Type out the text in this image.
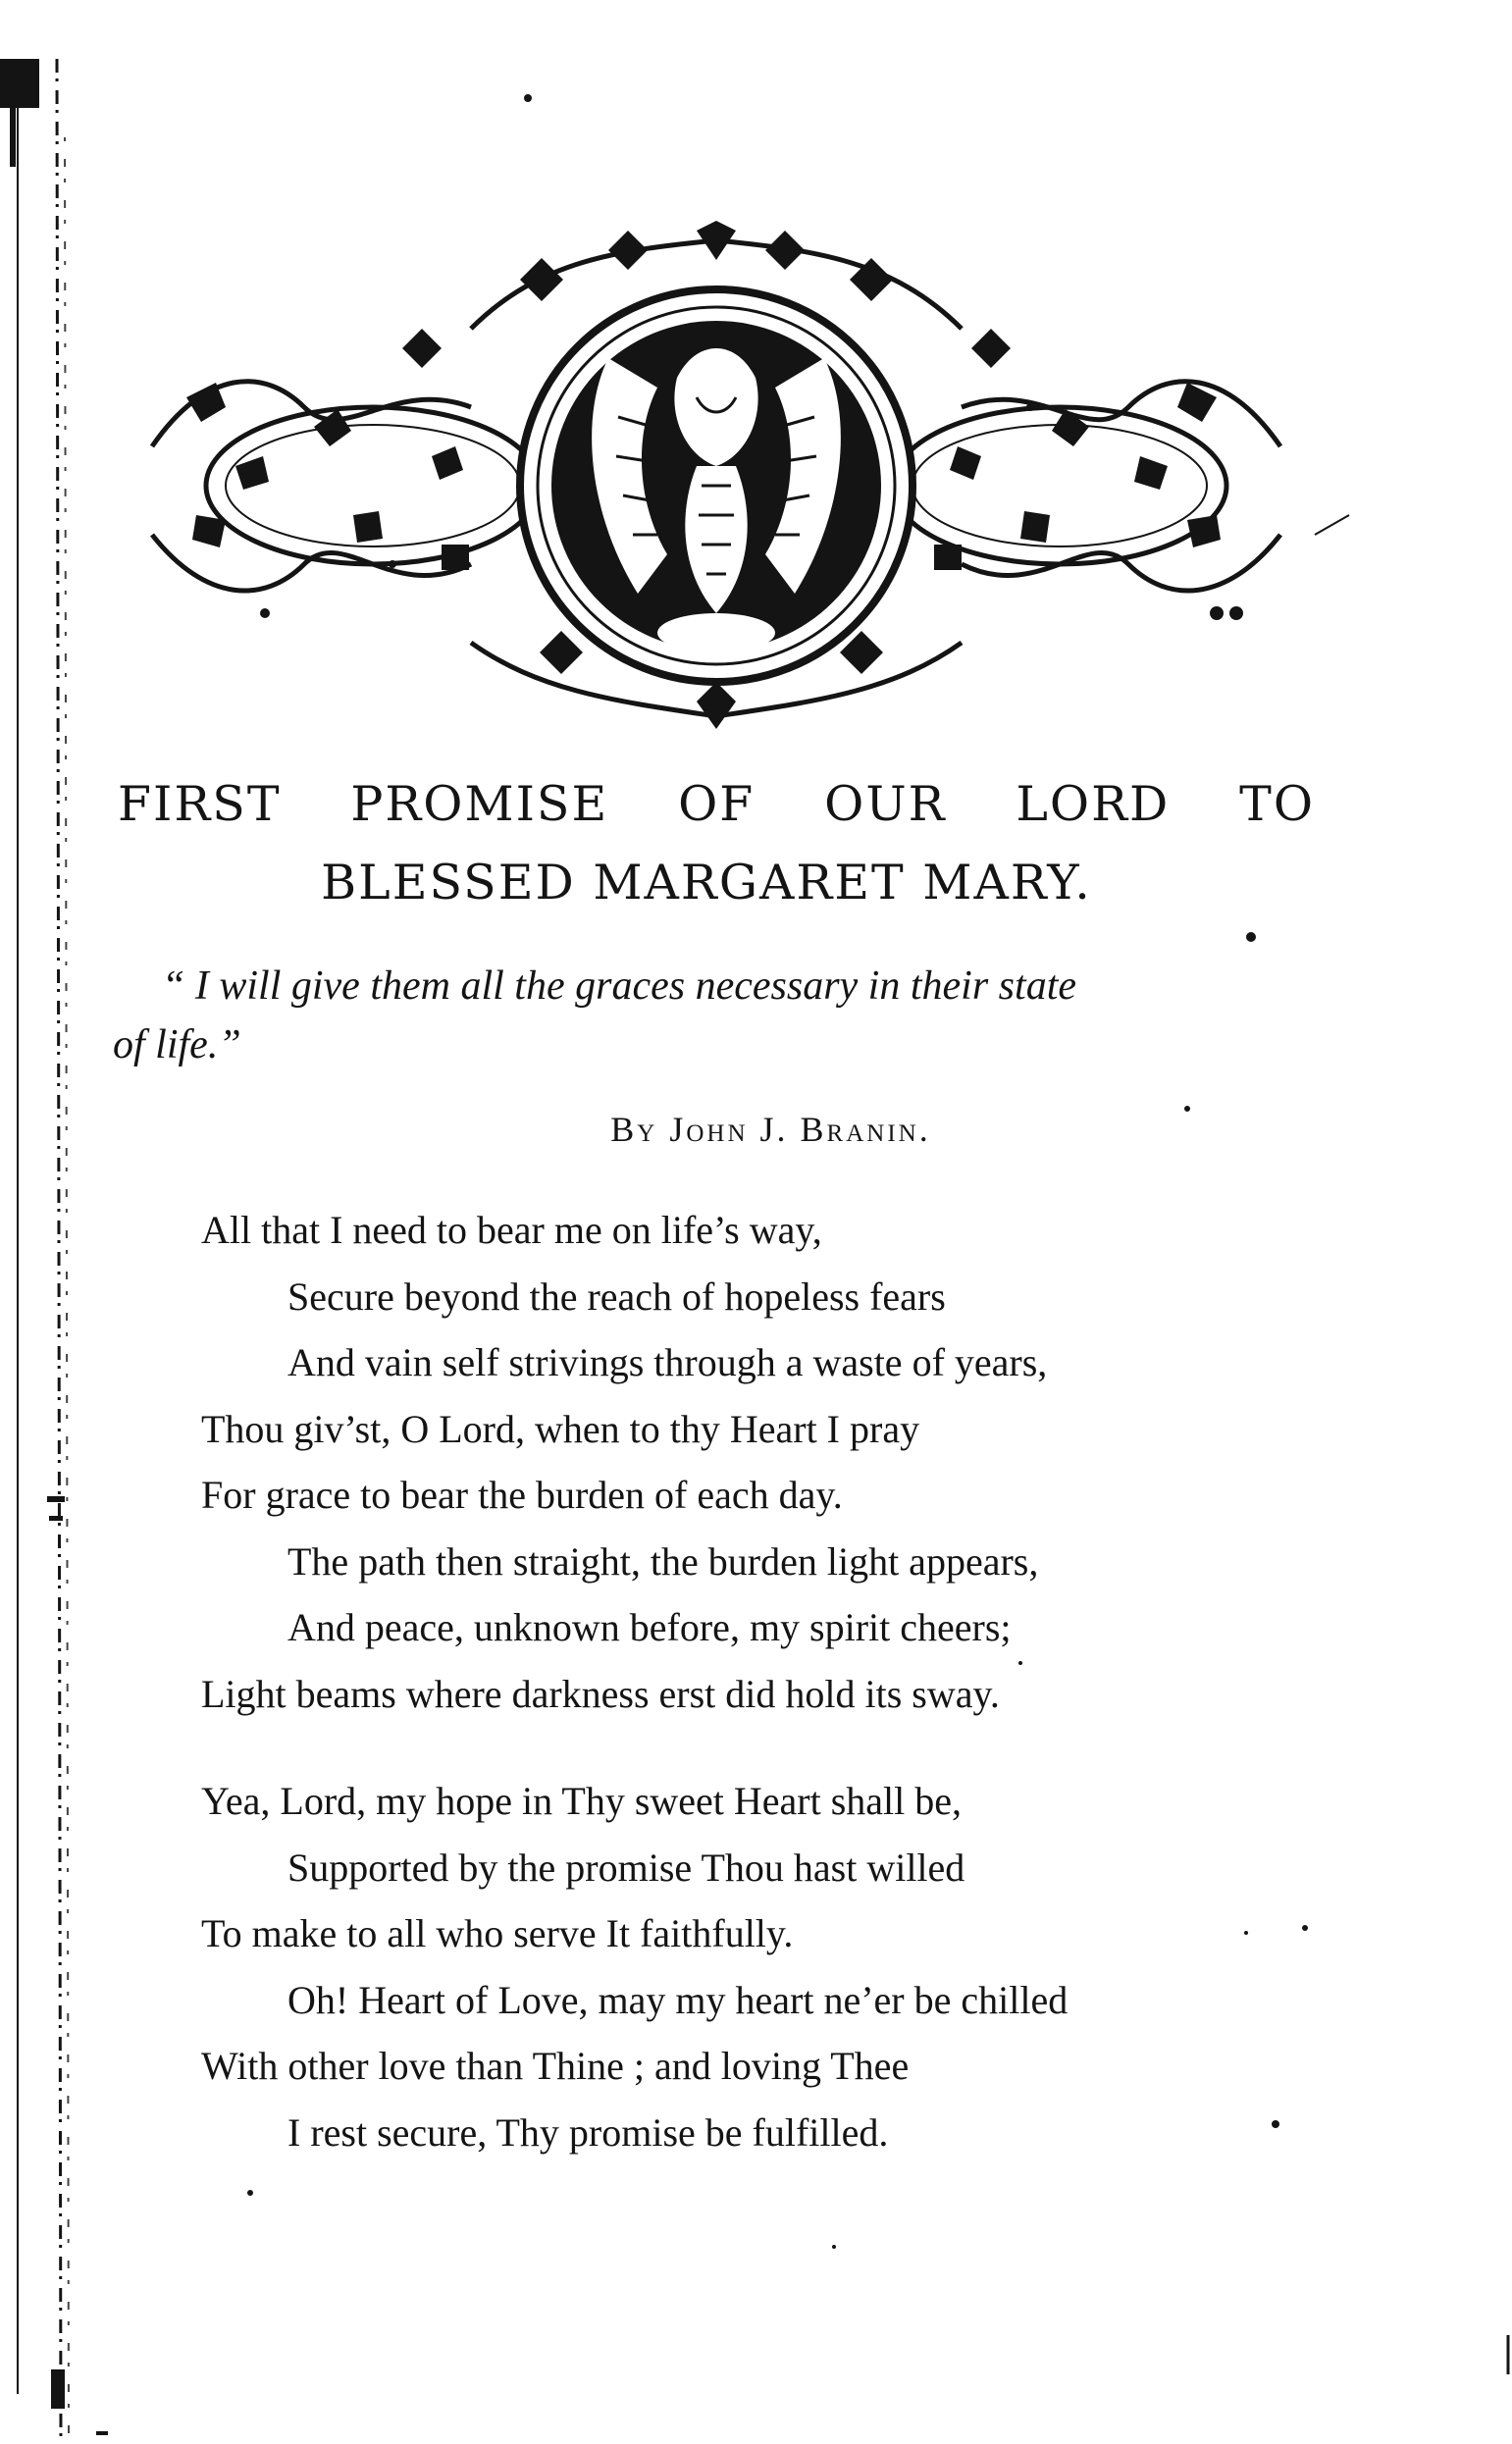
FIRST PROMISE OF OUR LORD TO
BLESSED MARGARET MARY.

“ I will give them all the graces necessary in their state
of life.”

By John J. Branin.

All that I need to bear me on life’s way,
Secure beyond the reach of hopeless fears
And vain self strivings through a waste of years,
Thou giv’st, O Lord, when to thy Heart I pray
For grace to bear the burden of each day.
The path then straight, the burden light appears,
And peace, unknown before, my spirit cheers;
Light beams where darkness erst did hold its sway.
Yea, Lord, my hope in Thy sweet Heart shall be,
Supported by the promise Thou hast willed
To make to all who serve It faithfully.
Oh! Heart of Love, may my heart ne’er be chilled
With other love than Thine ; and loving Thee
I rest secure, Thy promise be fulfilled.
